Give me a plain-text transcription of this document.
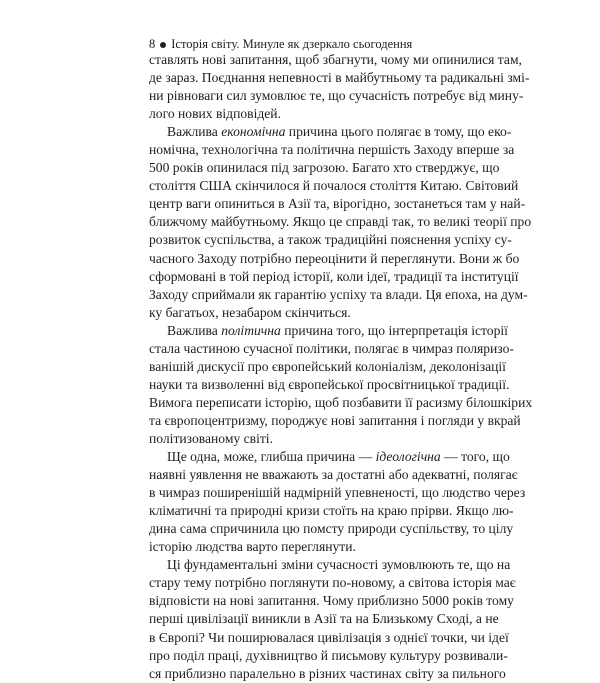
8 Історія світу. Минуле як дзеркало сьогодення
ставлять нові запитання, щоб збагнути, чому ми опинилися там,
де зараз. Поєднання непевності в майбутньому та радикальні змі-
ни рівноваги сил зумовлює те, що сучасність потребує від мину-
лого нових відповідей.
Важлива економічна причина цього полягає в тому, що еко-
номічна, технологічна та політична першість Заходу вперше за
500 років опинилася під загрозою. Багато хто стверджує, що
століття США скінчилося й почалося століття Китаю. Світовий
центр ваги опиниться в Азії та, вірогідно, зостанеться там у най-
ближчому майбутньому. Якщо це справді так, то великі теорії про
розвиток суспільства, а також традиційні пояснення успіху су-
часного Заходу потрібно переоцінити й переглянути. Вони ж бо
сформовані в той період історії, коли ідеї, традиції та інституції
Заходу сприймали як гарантію успіху та влади. Ця епоха, на дум-
ку багатьох, незабаром скінчиться.
Важлива політична причина того, що інтерпретація історії
стала частиною сучасної політики, полягає в чимраз поляризо-
ванішій дискусії про європейський колоніалізм, деколонізації
науки та визволенні від європейської просвітницької традиції.
Вимога переписати історію, щоб позбавити її расизму білошкірих
та європоцентризму, породжує нові запитання і погляди у вкрай
політизованому світі.
Ще одна, може, глибша причина — ідеологічна — того, що
наявні уявлення не вважають за достатні або адекватні, полягає
в чимраз поширенішій надмірній упевненості, що людство через
кліматичні та природні кризи стоїть на краю прірви. Якщо лю-
дина сама спричинила цю помсту природи суспільству, то цілу
історію людства варто переглянути.
Ці фундаментальні зміни сучасності зумовлюють те, що на
стару тему потрібно поглянути по-новому, а світова історія має
відповісти на нові запитання. Чому приблизно 5000 років тому
перші цивілізації виникли в Азії та на Близькому Сході, а не
в Європі? Чи поширювалася цивілізація з однієї точки, чи ідеї
про поділ праці, духівництво й письмову культуру розвивали-
ся приблизно паралельно в різних частинах світу за пильного
